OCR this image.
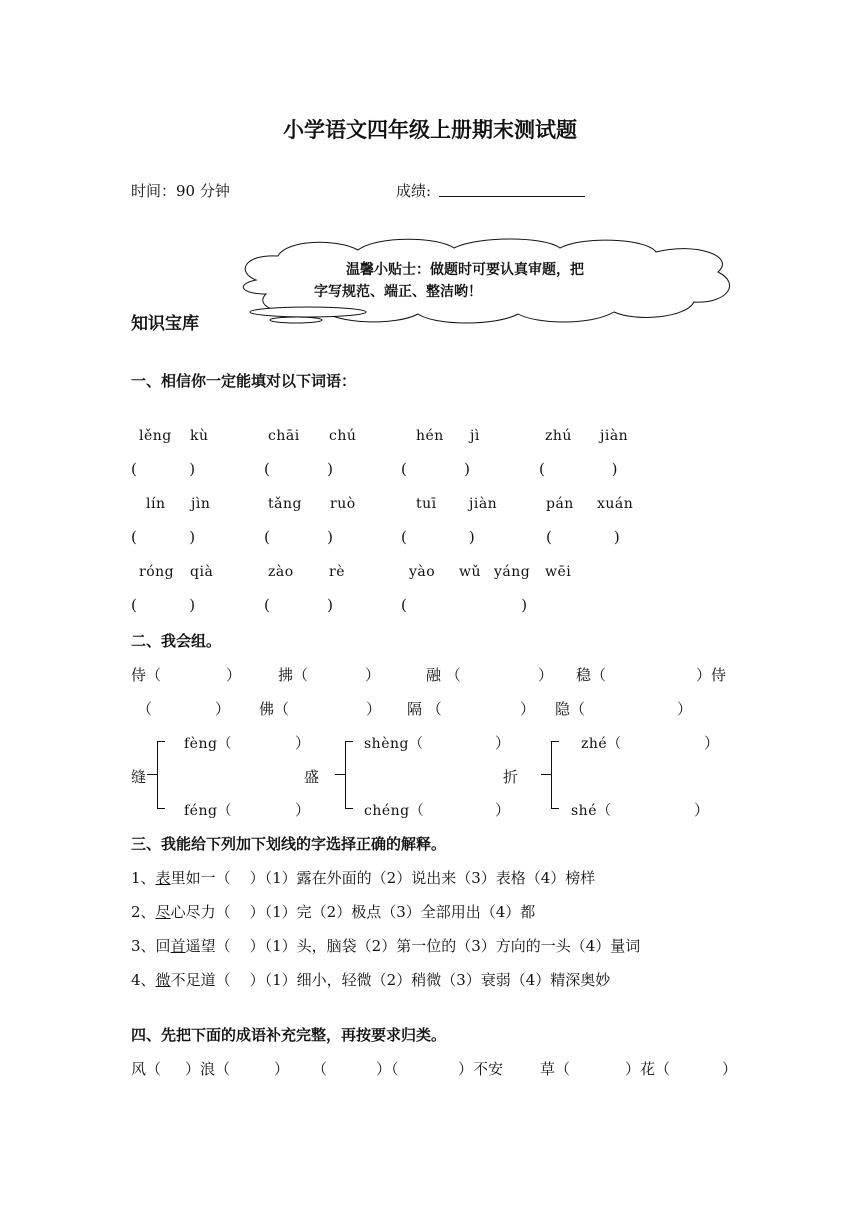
小学语文四年级上册期末测试题
时间：90 分钟	成绩:
温馨小贴士：做题时可要认真审题，把
字写规范、端正、整洁哟！
知识宝库
一、相信你一定能填对以下词语：
lěng kù	chāi chú	hén jì	zhú jiàn
(           )	(            )	(            )	(              )
lín jìn	tǎng ruò	tuī jiàn	pán xuán
(           )	(            )	(             )	(             )
róng qià	zào	rè	yào wǔ yáng wēi
(           )	(            )	(                        )
二、我会组。
侍（	） 拂（	）	融 （	） 稳（	）侍
（	） 佛（	） 隔 （	） 隐（	）
缝
fèng（	）
féng（	）
盛
shèng（	）
chéng（	）
折
zhé（	）
shé（	）
三、我能给下列加下划线的字选择正确的解释。
1、表里如一（    ）（1）露在外面的（2）说出来（3）表格（4）榜样
2、尽心尽力（    ）（1）完（2）极点（3）全部用出（4）都
3、回首遥望（    ）（1）头，脑袋（2）第一位的（3）方向的一头（4）量词
4、微不足道（    ）（1）细小，轻微（2）稍微（3）衰弱（4）精深奥妙
四、先把下面的成语补充完整，再按要求归类。
风（ ）浪（	） （	）（	）不安 草（	）花（	）
